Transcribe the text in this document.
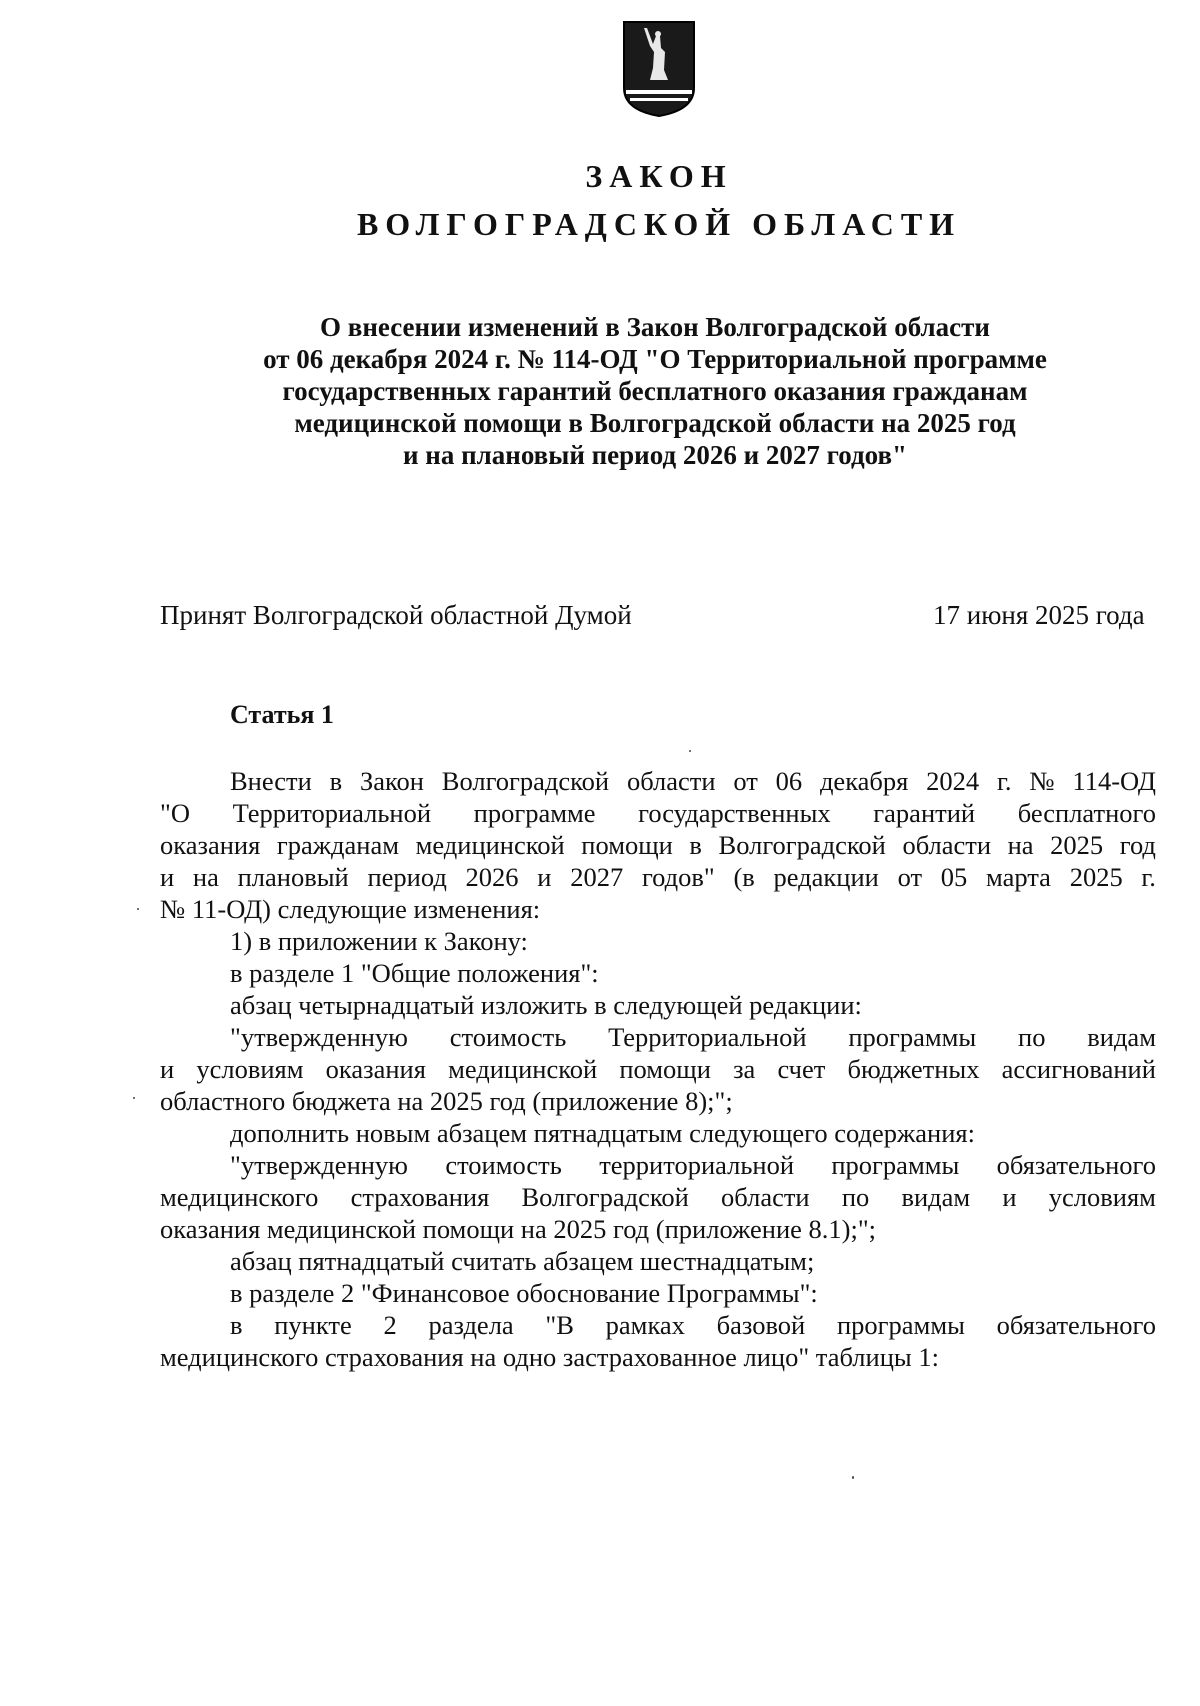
ЗАКОН
ВОЛГОГРАДСКОЙ ОБЛАСТИ
О внесении изменений в Закон Волгоградской области
от 06 декабря 2024 г. № 114-ОД "О Территориальной программе
государственных гарантий бесплатного оказания гражданам
медицинской помощи в Волгоградской области на 2025 год
и на плановый период 2026 и 2027 годов"
Принят Волгоградской областной Думой	17 июня 2025 года
Статья 1
Внести в Закон Волгоградской области от 06 декабря 2024 г. № 114-ОД
"О Территориальной программе государственных гарантий бесплатного
оказания гражданам медицинской помощи в Волгоградской области на 2025 год
и на плановый период 2026 и 2027 годов" (в редакции от 05 марта 2025 г.
№ 11-ОД) следующие изменения:
1) в приложении к Закону:
в разделе 1 "Общие положения":
абзац четырнадцатый изложить в следующей редакции:
"утвержденную стоимость Территориальной программы по видам
и условиям оказания медицинской помощи за счет бюджетных ассигнований
областного бюджета на 2025 год (приложение 8);";
дополнить новым абзацем пятнадцатым следующего содержания:
"утвержденную стоимость территориальной программы обязательного
медицинского страхования Волгоградской области по видам и условиям
оказания медицинской помощи на 2025 год (приложение 8.1);";
абзац пятнадцатый считать абзацем шестнадцатым;
в разделе 2 "Финансовое обоснование Программы":
в пункте 2 раздела "В рамках базовой программы обязательного
медицинского страхования на одно застрахованное лицо" таблицы 1:
